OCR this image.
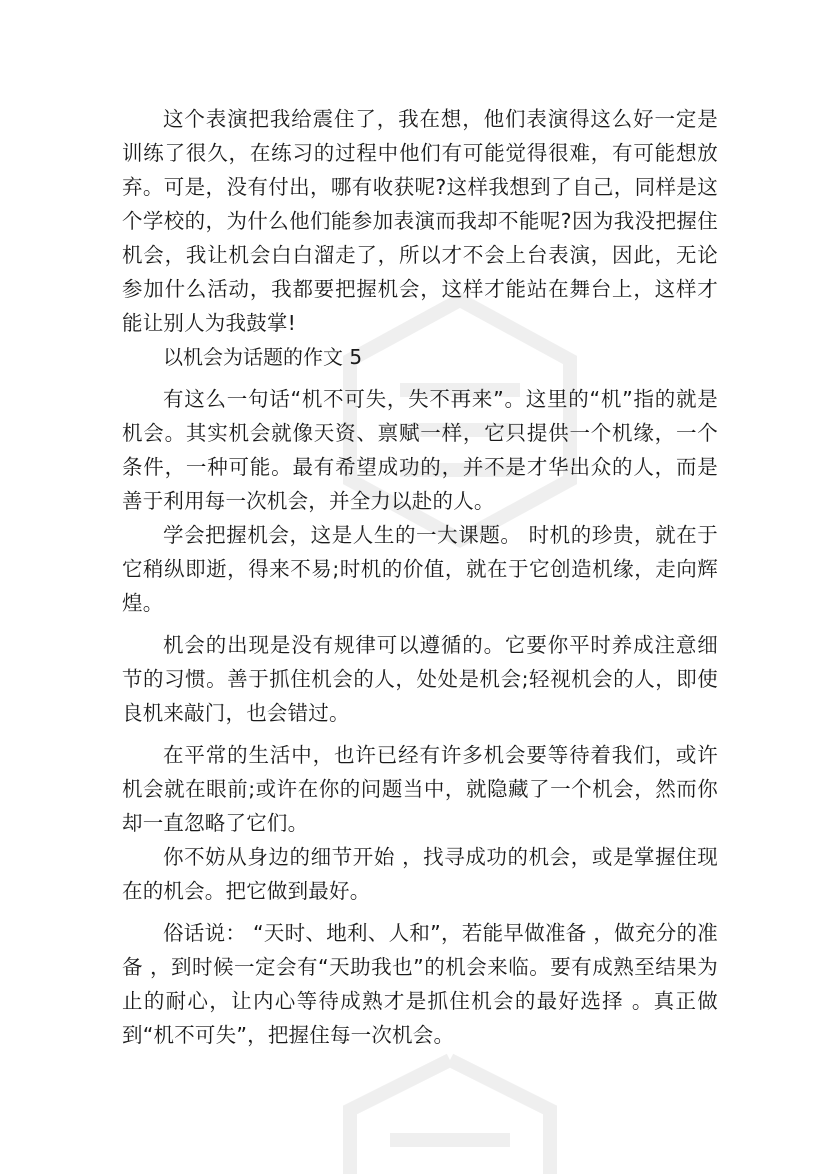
这个表演把我给震住了，我在想，他们表演得这么好一定是训练了很久，在练习的过程中他们有可能觉得很难，有可能想放弃。可是，没有付出，哪有收获呢?这样我想到了自己，同样是这个学校的，为什么他们能参加表演而我却不能呢?因为我没把握住机会，我让机会白白溜走了，所以才不会上台表演，因此，无论参加什么活动，我都要把握机会，这样才能站在舞台上，这样才能让别人为我鼓掌!

以机会为话题的作文 5

有这么一句话“机不可失，失不再来”。这里的“机”指的就是机会。其实机会就像天资、禀赋一样，它只提供一个机缘，一个条件，一种可能。最有希望成功的，并不是才华出众的人，而是善于利用每一次机会，并全力以赴的人。

学会把握机会，这是人生的一大课题。 时机的珍贵，就在于它稍纵即逝，得来不易;时机的价值，就在于它创造机缘，走向辉煌。

机会的出现是没有规律可以遵循的。它要你平时养成注意细节的习惯。善于抓住机会的人，处处是机会;轻视机会的人，即使良机来敲门，也会错过。

在平常的生活中，也许已经有许多机会要等待着我们，或许机会就在眼前;或许在你的问题当中，就隐藏了一个机会，然而你却一直忽略了它们。

你不妨从身边的细节开始 ，找寻成功的机会，或是掌握住现在的机会。把它做到最好。

俗话说： “天时、地利、人和”，若能早做准备 ，做充分的准备 ，到时候一定会有“天助我也”的机会来临。要有成熟至结果为止的耐心，让内心等待成熟才是抓住机会的最好选择 。真正做到“机不可失”，把握住每一次机会。
